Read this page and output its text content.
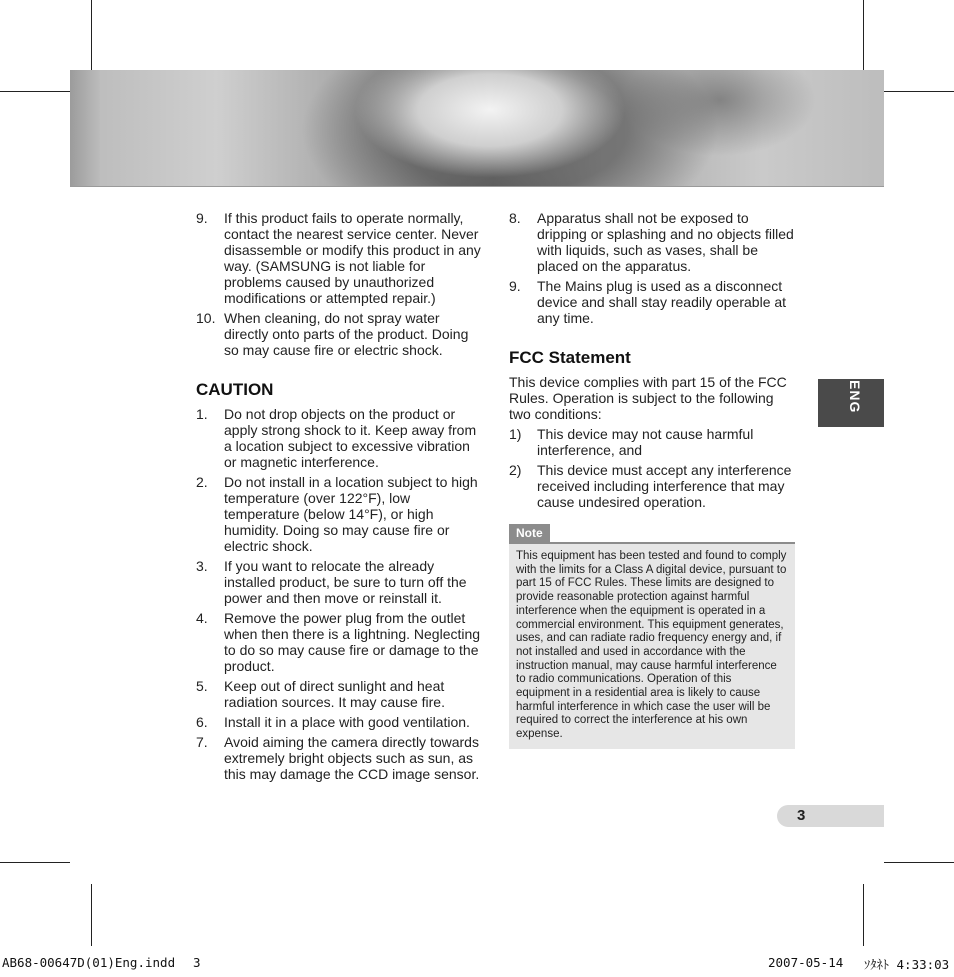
9.	If this product fails to operate normally, contact the nearest service center. Never disassemble or modify this product in any way. (SAMSUNG is not liable for problems caused by unauthorized modifications or attempted repair.)
10. When cleaning, do not spray water directly onto parts of the product. Doing so may cause fire or electric shock.
CAUTION
1.	Do not drop objects on the product or apply strong shock to it. Keep away from a location subject to excessive vibration or magnetic interference.
2.	Do not install in a location subject to high temperature (over 122°F), low temperature (below 14°F), or high humidity. Doing so may cause fire or electric shock.
3.	If you want to relocate the already installed product, be sure to turn off the power and then move or reinstall it.
4.	Remove the power plug from the outlet when then there is a lightning. Neglecting to do so may cause fire or damage to the product.
5.	Keep out of direct sunlight and heat radiation sources. It may cause fire.
6.	Install it in a place with good ventilation.
7.	Avoid aiming the camera directly towards extremely bright objects such as sun, as this may damage the CCD image sensor.
8.	Apparatus shall not be exposed to dripping or splashing and no objects filled with liquids, such as vases, shall be placed on the apparatus.
9.	The Mains plug is used as a disconnect device and shall stay readily operable at any time.
FCC Statement
This device complies with part 15 of the FCC Rules. Operation is subject to the following two conditions:
1)	This device may not cause harmful interference, and
2)	This device must accept any interference received including interference that may cause undesired operation.
Note
This equipment has been tested and found to comply with the limits for a Class A digital device, pursuant to part 15 of FCC Rules. These limits are designed to provide reasonable protection against harmful interference when the equipment is operated in a commercial environment. This equipment generates, uses, and can radiate radio frequency energy and, if not installed and used in accordance with the instruction manual, may cause harmful interference to radio communications. Operation of this equipment in a residential area is likely to cause harmful interference in which case the user will be required to correct the interference at his own expense.
ENG
3
AB68-00647D(01)Eng.indd 3	2007-05-14 ｿﾀﾈﾄ 4:33:03
